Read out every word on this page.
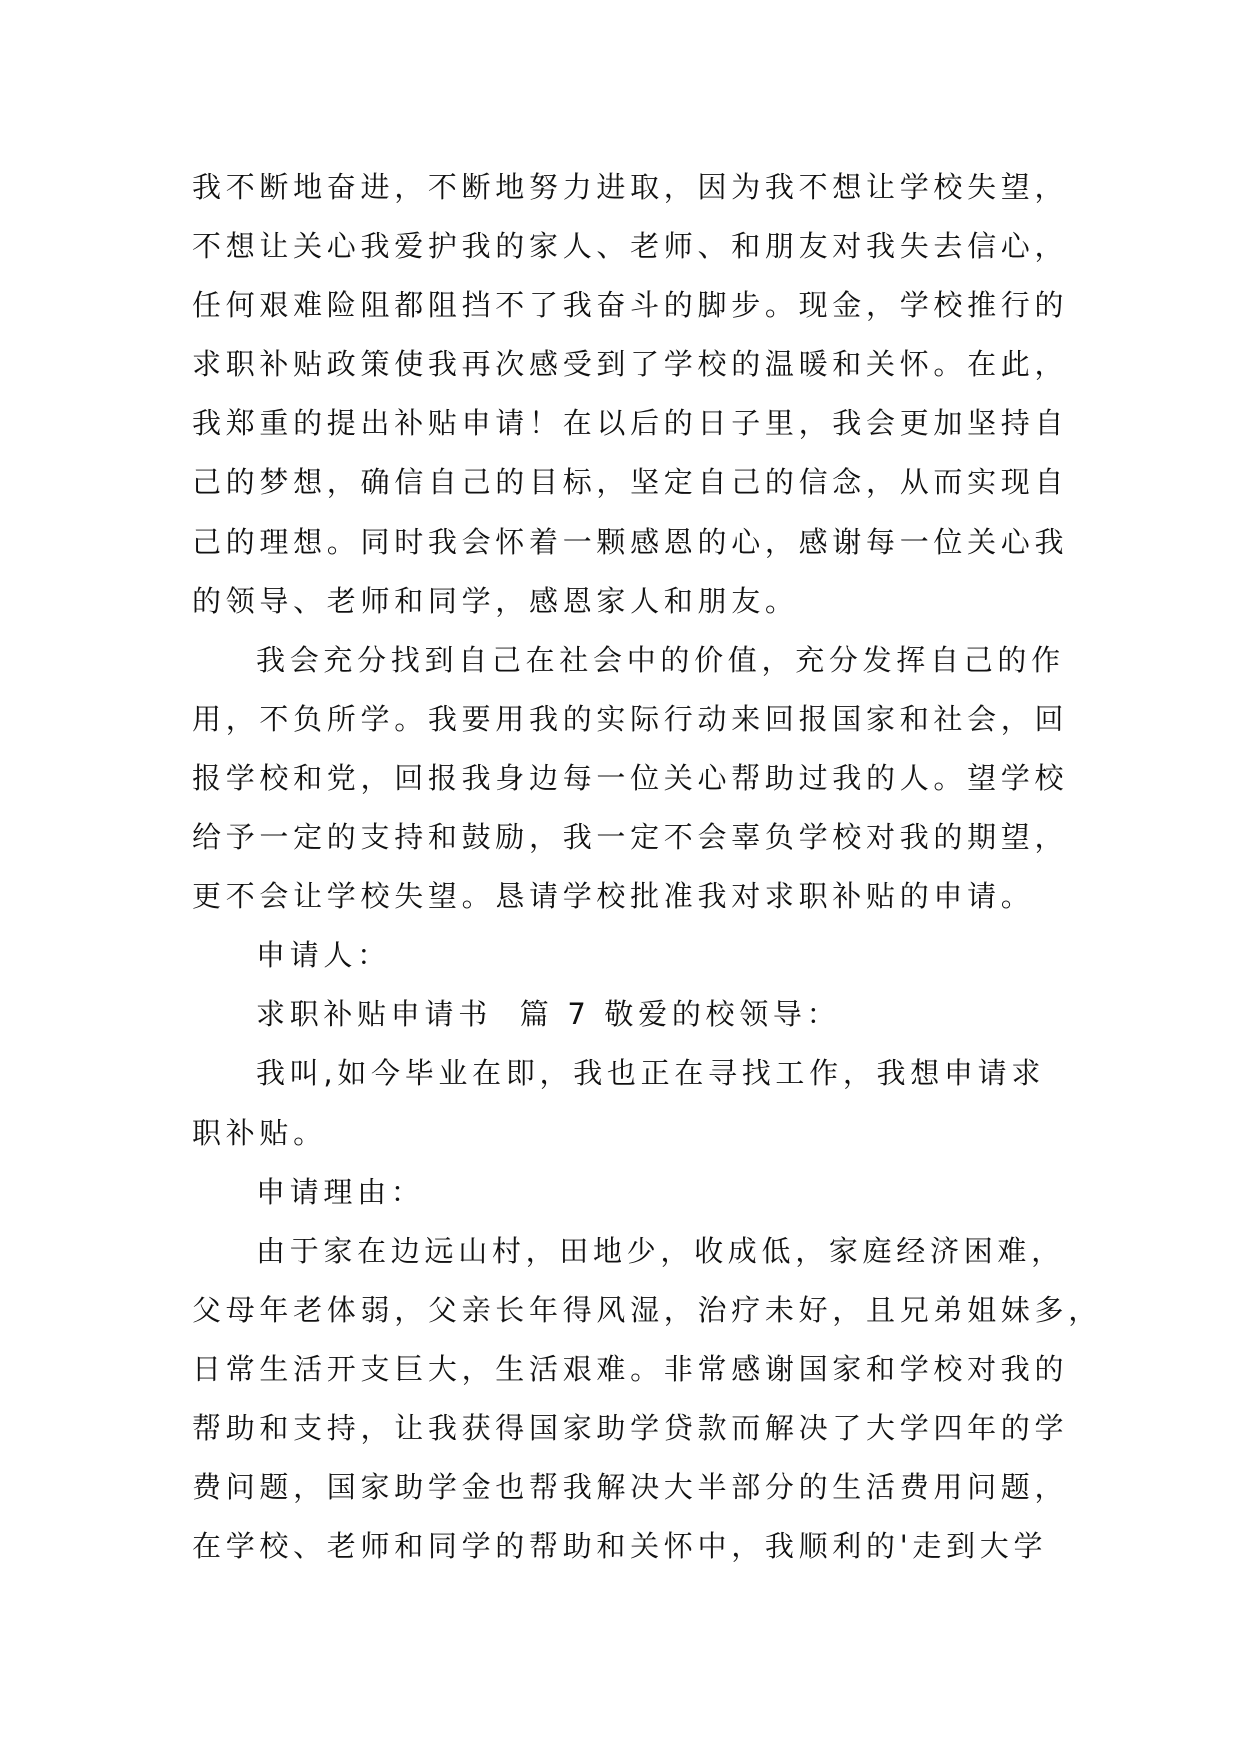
我不断地奋进，不断地努力进取，因为我不想让学校失望，
不想让关心我爱护我的家人、老师、和朋友对我失去信心，
任何艰难险阻都阻挡不了我奋斗的脚步。现金，学校推行的
求职补贴政策使我再次感受到了学校的温暖和关怀。在此，
我郑重的提出补贴申请！在以后的日子里，我会更加坚持自
己的梦想，确信自己的目标，坚定自己的信念，从而实现自
己的理想。同时我会怀着一颗感恩的心，感谢每一位关心我
的领导、老师和同学，感恩家人和朋友。
我会充分找到自己在社会中的价值，充分发挥自己的作
用，不负所学。我要用我的实际行动来回报国家和社会，回
报学校和党，回报我身边每一位关心帮助过我的人。望学校
给予一定的支持和鼓励，我一定不会辜负学校对我的期望，
更不会让学校失望。恳请学校批准我对求职补贴的申请。
申请人：
求职补贴申请书  篇 7 敬爱的校领导：
我叫,如今毕业在即，我也正在寻找工作，我想申请求
职补贴。
申请理由：
由于家在边远山村，田地少，收成低，家庭经济困难，
父母年老体弱，父亲长年得风湿，治疗未好，且兄弟姐妹多，
日常生活开支巨大，生活艰难。非常感谢国家和学校对我的
帮助和支持，让我获得国家助学贷款而解决了大学四年的学
费问题，国家助学金也帮我解决大半部分的生活费用问题，
在学校、老师和同学的帮助和关怀中，我顺利的'走到大学
